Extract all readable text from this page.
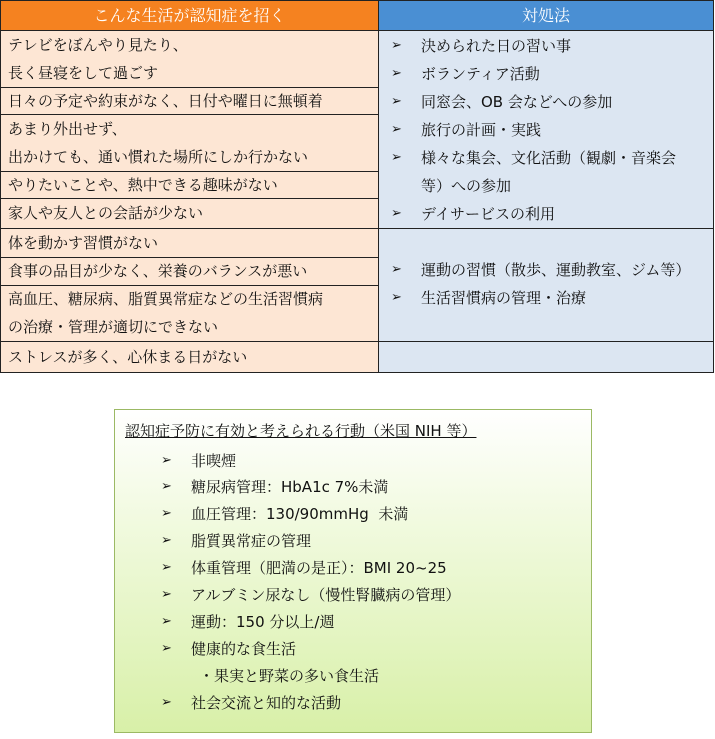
こんな生活が認知症を招く	対処法
テレビをぼんやり見たり、
長く昼寝をして過ごす
日々の予定や約束がなく、日付や曜日に無頓着
あまり外出せず、
出かけても、通い慣れた場所にしか行かない
やりたいことや、熱中できる趣味がない
家人や友人との会話が少ない
体を動かす習慣がない
食事の品目が少なく、栄養のバランスが悪い
高血圧、糖尿病、脂質異常症などの生活習慣病
の治療・管理が適切にできない
ストレスが多く、心休まる日がない
➢ 決められた日の習い事
➢ ボランティア活動
➢ 同窓会、OB 会などへの参加
➢ 旅行の計画・実践
➢ 様々な集会、文化活動（観劇・音楽会
等）への参加
➢ デイサービスの利用
➢ 運動の習慣（散歩、運動教室、ジム等）
➢ 生活習慣病の管理・治療
認知症予防に有効と考えられる行動（米国 NIH 等）
➢ 非喫煙
➢ 糖尿病管理：HbA1c 7%未満
➢ 血圧管理：130/90mmHg  未満
➢ 脂質異常症の管理
➢ 体重管理（肥満の是正）：BMI 20~25
➢ アルブミン尿なし（慢性腎臓病の管理）
➢ 運動：150 分以上/週
➢ 健康的な食生活
・果実と野菜の多い食生活
➢ 社会交流と知的な活動
